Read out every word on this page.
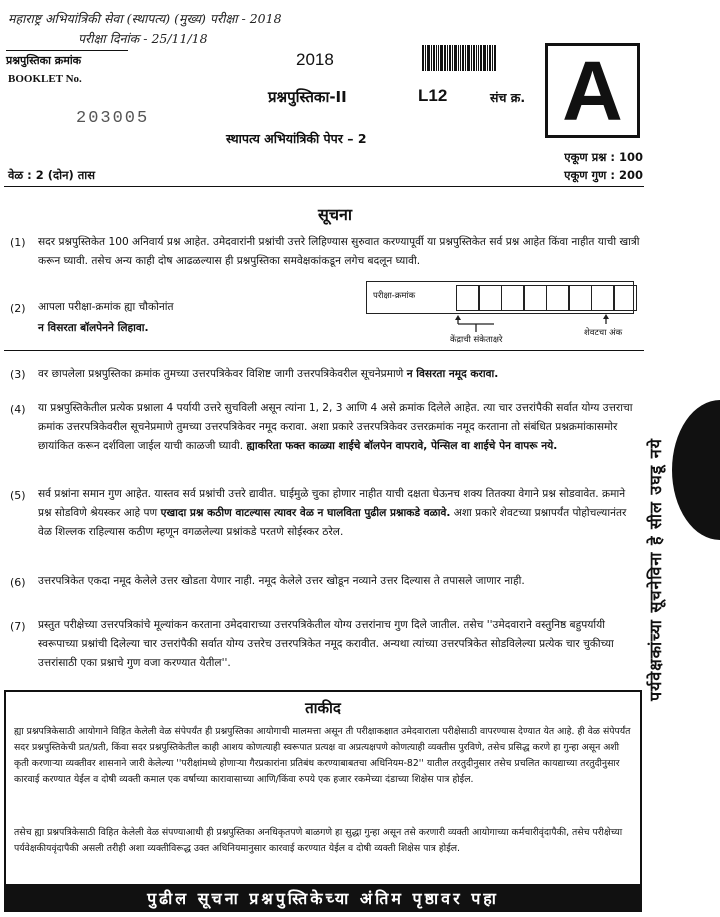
महाराष्ट्र अभियांत्रिकी सेवा (स्थापत्य) (मुख्य) परीक्षा - 2018
परीक्षा दिनांक - 25/11/18
प्रश्नपुस्तिका क्रमांक
BOOKLET No.
203005
2018	A
प्रश्नपुस्तिका-II	L12	संच क्र.
स्थापत्य अभियांत्रिकी पेपर – 2
एकूण प्रश्न : 100
एकूण गुण : 200
वेळ : 2 (दोन) तास
सूचना
(1) सदर प्रश्नपुस्तिकेत 100 अनिवार्य प्रश्न आहेत. उमेदवारांनी प्रश्नांची उत्तरे लिहिण्यास सुरुवात करण्यापूर्वी या प्रश्नपुस्तिकेत सर्व प्रश्न आहेत किंवा नाहीत याची खात्री करून घ्यावी. तसेच अन्य काही दोष आढळल्यास ही प्रश्नपुस्तिका समवेक्षकांकडून लगेच बदलून घ्यावी.
(2) आपला परीक्षा-क्रमांक ह्या चौकोनांत
न विसरता बॉलपेनने लिहावा.
परीक्षा-क्रमांक
केंद्राची संकेताक्षरे
शेवटचा अंक
(3) वर छापलेला प्रश्नपुस्तिका क्रमांक तुमच्या उत्तरपत्रिकेवर विशिष्ट जागी उत्तरपत्रिकेवरील सूचनेप्रमाणे न विसरता नमूद करावा.
(4) या प्रश्नपुस्तिकेतील प्रत्येक प्रश्नाला 4 पर्यायी उत्तरे सुचविली असून त्यांना 1, 2, 3 आणि 4 असे क्रमांक दिलेले आहेत. त्या चार उत्तरांपैकी सर्वात योग्य उत्तराचा क्रमांक उत्तरपत्रिकेवरील सूचनेप्रमाणे तुमच्या उत्तरपत्रिकेवर नमूद करावा. अशा प्रकारे उत्तरपत्रिकेवर उत्तरक्रमांक नमूद करताना तो संबंधित प्रश्नक्रमांकासमोर छायांकित करून दर्शविला जाईल याची काळजी घ्यावी. ह्याकरिता फक्त काळ्या शाईचे बॉलपेन वापरावे, पेन्सिल वा शाईचे पेन वापरू नये.
(5) सर्व प्रश्नांना समान गुण आहेत. यास्तव सर्व प्रश्नांची उत्तरे द्यावीत. घाईमुळे चुका होणार नाहीत याची दक्षता घेऊनच शक्य तितक्या वेगाने प्रश्न सोडवावेत. क्रमाने प्रश्न सोडविणे श्रेयस्कर आहे पण एखादा प्रश्न कठीण वाटल्यास त्यावर वेळ न घालविता पुढील प्रश्नाकडे वळावे. अशा प्रकारे शेवटच्या प्रश्नापर्यंत पोहोचल्यानंतर वेळ शिल्लक राहिल्यास कठीण म्हणून वगळलेल्या प्रश्नांकडे परतणे सोईस्कर ठरेल.
(6) उत्तरपत्रिकेत एकदा नमूद केलेले उत्तर खोडता येणार नाही. नमूद केलेले उत्तर खोडून नव्याने उत्तर दिल्यास ते तपासले जाणार नाही.
(7) प्रस्तुत परीक्षेच्या उत्तरपत्रिकांचे मूल्यांकन करताना उमेदवाराच्या उत्तरपत्रिकेतील योग्य उत्तरांनाच गुण दिले जातील. तसेच ''उमेदवाराने वस्तुनिष्ठ बहुपर्यायी स्वरूपाच्या प्रश्नांची दिलेल्या चार उत्तरांपैकी सर्वात योग्य उत्तरेच उत्तरपत्रिकेत नमूद करावीत. अन्यथा त्यांच्या उत्तरपत्रिकेत सोडविलेल्या प्रत्येक चार चुकीच्या उत्तरांसाठी एका प्रश्नाचे गुण वजा करण्यात येतील''.
ताकीद
ह्या प्रश्नपत्रिकेसाठी आयोगाने विहित केलेली वेळ संपेपर्यंत ही प्रश्नपुस्तिका आयोगाची मालमत्ता असून ती परीक्षाकक्षात उमेदवाराला परीक्षेसाठी वापरण्यास देण्यात येत आहे. ही वेळ संपेपर्यंत सदर प्रश्नपुस्तिकेची प्रत/प्रती, किंवा सदर प्रश्नपुस्तिकेतील काही आशय कोणत्याही स्वरूपात प्रत्यक्ष वा अप्रत्यक्षपणे कोणत्याही व्यक्तीस पुरविणे, तसेच प्रसिद्ध करणे हा गुन्हा असून अशी कृती करणाऱ्या व्यक्तीवर शासनाने जारी केलेल्या ''परीक्षांमध्ये होणाऱ्या गैरप्रकारांना प्रतिबंध करण्याबाबतचा अधिनियम-82'' यातील तरतुदीनुसार तसेच प्रचलित कायद्याच्या तरतुदीनुसार कारवाई करण्यात येईल व दोषी व्यक्ती कमाल एक वर्षाच्या कारावासाच्या आणि/किंवा रुपये एक हजार रकमेच्या दंडाच्या शिक्षेस पात्र होईल.
तसेच ह्या प्रश्नपत्रिकेसाठी विहित केलेली वेळ संपण्याआधी ही प्रश्नपुस्तिका अनधिकृतपणे बाळगणे हा सुद्धा गुन्हा असून तसे करणारी व्यक्ती आयोगाच्या कर्मचारीवृंदापैकी, तसेच परीक्षेच्या पर्यवेक्षकीयवृंदापैकी असली तरीही अशा व्यक्तीविरूद्ध उक्त अधिनियमानुसार कारवाई करण्यात येईल व दोषी व्यक्ती शिक्षेस पात्र होईल.
पुढील सूचना प्रश्नपुस्तिकेच्या अंतिम पृष्ठावर पहा
पर्यवेक्षकांच्या सूचनेविना हे सील उघडू नये
